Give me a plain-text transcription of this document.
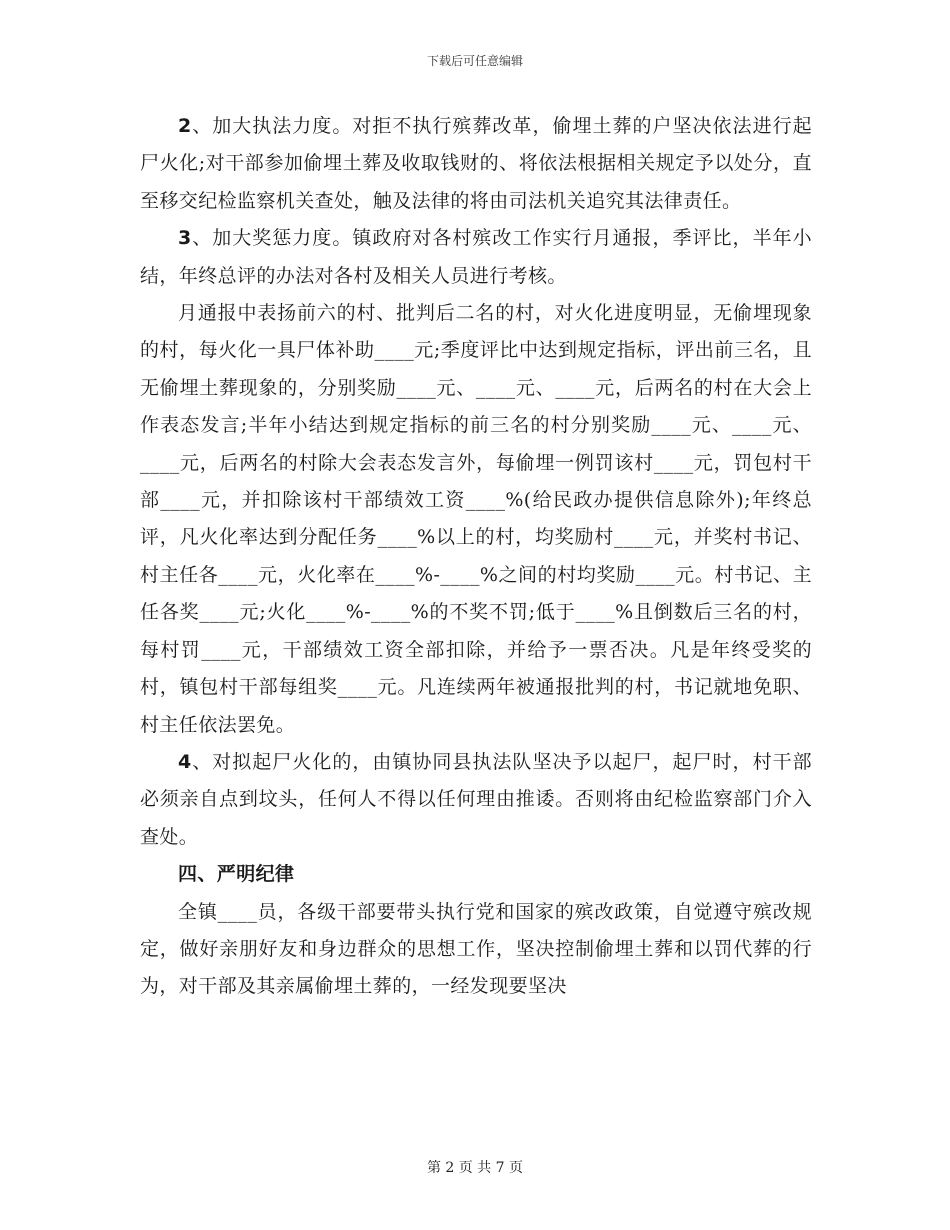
下载后可任意编辑

2、加大执法力度。对拒不执行殡葬改革，偷埋土葬的户坚决依法进行起尸火化;对干部参加偷埋土葬及收取钱财的、将依法根据相关规定予以处分，直至移交纪检监察机关查处，触及法律的将由司法机关追究其法律责任。

3、加大奖惩力度。镇政府对各村殡改工作实行月通报，季评比，半年小结，年终总评的办法对各村及相关人员进行考核。

月通报中表扬前六的村、批判后二名的村，对火化进度明显，无偷埋现象的村，每火化一具尸体补助____元;季度评比中达到规定指标，评出前三名，且无偷埋土葬现象的，分别奖励____元、____元、____元，后两名的村在大会上作表态发言;半年小结达到规定指标的前三名的村分别奖励____元、____元、____元，后两名的村除大会表态发言外，每偷埋一例罚该村____元，罚包村干部____元，并扣除该村干部绩效工资____%(给民政办提供信息除外);年终总评，凡火化率达到分配任务____%以上的村，均奖励村____元，并奖村书记、村主任各____元，火化率在____%-____%之间的村均奖励____元。村书记、主任各奖____元;火化____%-____%的不奖不罚;低于____%且倒数后三名的村，每村罚____元，干部绩效工资全部扣除，并给予一票否决。凡是年终受奖的村，镇包村干部每组奖____元。凡连续两年被通报批判的村，书记就地免职、村主任依法罢免。

4、对拟起尸火化的，由镇协同县执法队坚决予以起尸，起尸时，村干部必须亲自点到坟头，任何人不得以任何理由推诿。否则将由纪检监察部门介入查处。

四、严明纪律

全镇____员，各级干部要带头执行党和国家的殡改政策，自觉遵守殡改规定，做好亲朋好友和身边群众的思想工作，坚决控制偷埋土葬和以罚代葬的行为，对干部及其亲属偷埋土葬的，一经发现要坚决

第 2 页 共 7 页
